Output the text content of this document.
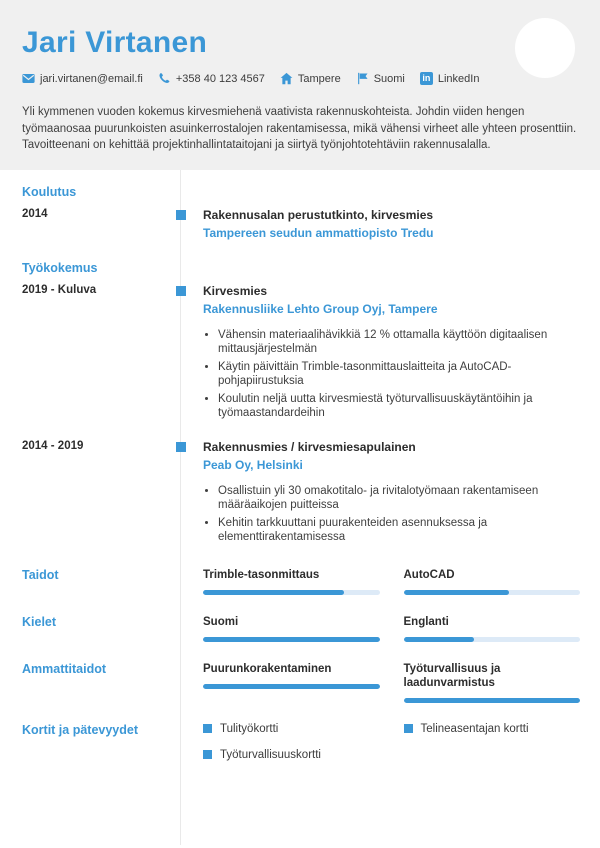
Jari Virtanen
jari.virtanen@email.fi	+358 40 123 4567	Tampere	Suomi in	LinkedIn
Yli kymmenen vuoden kokemus kirvesmiehenä vaativista rakennuskohteista. Johdin viiden hengen työmaanosaa puurunkoisten asuinkerrostalojen rakentamisessa, mikä vähensi virheet alle yhteen prosenttiin. Tavoitteenani on kehittää projektinhallintataitojani ja siirtyä työnjohtotehtäviin rakennusalalla.
Koulutus
2014	Rakennusalan perustutkinto, kirvesmies
Tampereen seudun ammattiopisto Tredu
Työkokemus
2019 - Kuluva	Kirvesmies
Rakennusliike Lehto Group Oyj, Tampere
• Vähensin materiaalihävikkiä 12 % ottamalla käyttöön digitaalisen mittausjärjestelmän
• Käytin päivittäin Trimble-tasonmittauslaitteita ja AutoCAD-pohjapiirustuksia
• Koulutin neljä uutta kirvesmiestä työturvallisuuskäytäntöihin ja työmaastandardeihin
2014 - 2019	Rakennusmies / kirvesmiesapulainen
Peab Oy, Helsinki
• Osallistuin yli 30 omakotitalo- ja rivitalotyömaan rakentamiseen määräaikojen puitteissa
• Kehitin tarkkuuttani puurakenteiden asennuksessa ja elementtirakentamisessa
Taidot	Trimble-tasonmittaus	AutoCAD
Kielet	Suomi	Englanti
Ammattitaidot	Puurunkorakentaminen	Työturvallisuus ja laadunvarmistus
Kortit ja pätevyydet	Tulityökortti
Työturvallisuuskortti
Telineasentajan kortti
